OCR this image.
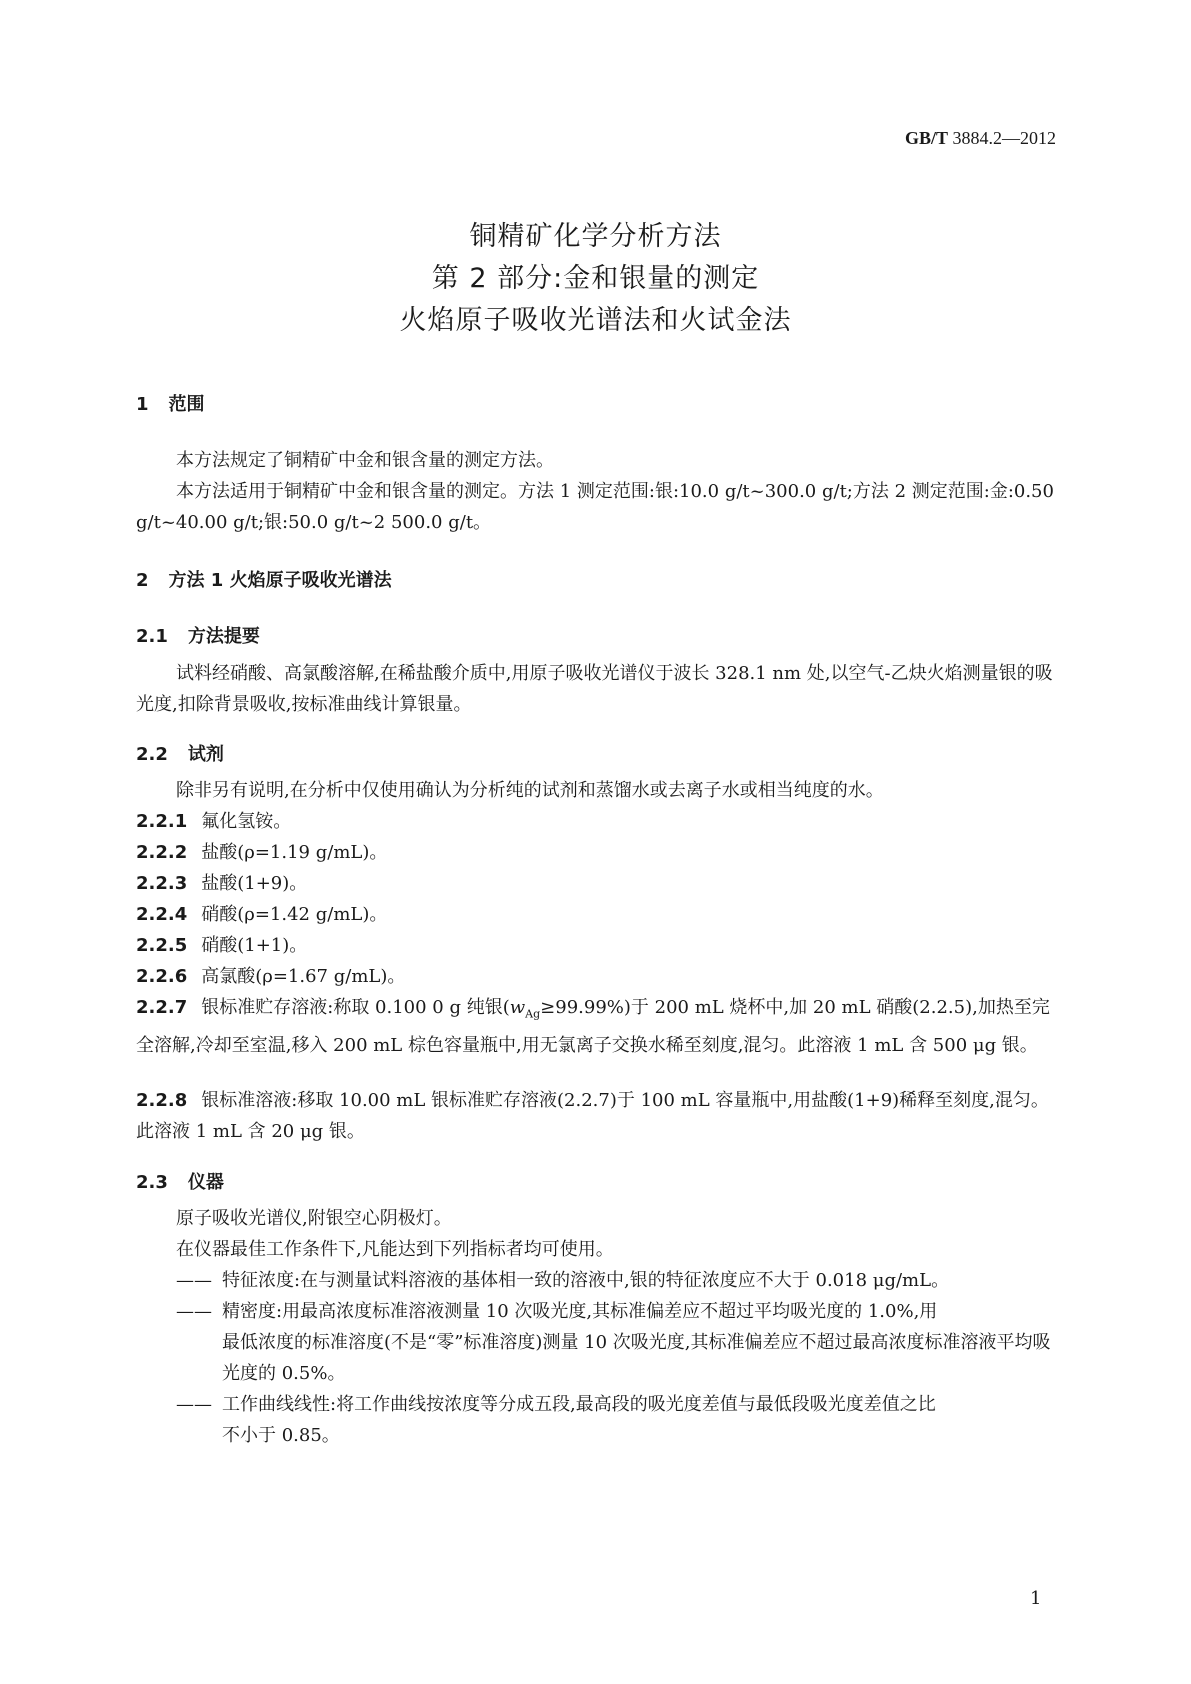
GB/T 3884.2—2012
铜精矿化学分析方法
第 2 部分:金和银量的测定
火焰原子吸收光谱法和火试金法
1 范围
本方法规定了铜精矿中金和银含量的测定方法。
本方法适用于铜精矿中金和银含量的测定。方法 1 测定范围:银:10.0 g/t~300.0 g/t;方法 2 测定范围:金:0.50 g/t~40.00 g/t;银:50.0 g/t~2 500.0 g/t。
2 方法 1 火焰原子吸收光谱法
2.1 方法提要
试料经硝酸、高氯酸溶解,在稀盐酸介质中,用原子吸收光谱仪于波长 328.1 nm 处,以空气-乙炔火焰测量银的吸光度,扣除背景吸收,按标准曲线计算银量。
2.2 试剂
除非另有说明,在分析中仅使用确认为分析纯的试剂和蒸馏水或去离子水或相当纯度的水。
2.2.1 氟化氢铵。
2.2.2 盐酸(ρ=1.19 g/mL)。
2.2.3 盐酸(1+9)。
2.2.4 硝酸(ρ=1.42 g/mL)。
2.2.5 硝酸(1+1)。
2.2.6 高氯酸(ρ=1.67 g/mL)。
2.2.7 银标准贮存溶液:称取 0.100 0 g 纯银$(w_{Ag}\ge 99.99\%)$于 200 mL 烧杯中,加 20 mL 硝酸(2.2.5),加热至完全溶解,冷却至室温,移入 200 mL 棕色容量瓶中,用无氯离子交换水稀至刻度,混匀。此溶液 1 mL 含 500 μg 银。
2.2.8 银标准溶液:移取 10.00 mL 银标准贮存溶液(2.2.7)于 100 mL 容量瓶中,用盐酸(1+9)稀释至刻度,混匀。此溶液 1 mL 含 20 μg 银。
2.3 仪器
原子吸收光谱仪,附银空心阴极灯。
在仪器最佳工作条件下,凡能达到下列指标者均可使用。
—— 特征浓度:在与测量试料溶液的基体相一致的溶液中,银的特征浓度应不大于 0.018 μg/mL。
—— 精密度:用最高浓度标准溶液测量 10 次吸光度,其标准偏差应不超过平均吸光度的 1.0%,用
最低浓度的标准溶度(不是“零”标准溶度)测量 10 次吸光度,其标准偏差应不超过最高浓度标准溶液平均吸光度的 0.5%。
—— 工作曲线线性:将工作曲线按浓度等分成五段,最高段的吸光度差值与最低段吸光度差值之比
不小于 0.85。
1
